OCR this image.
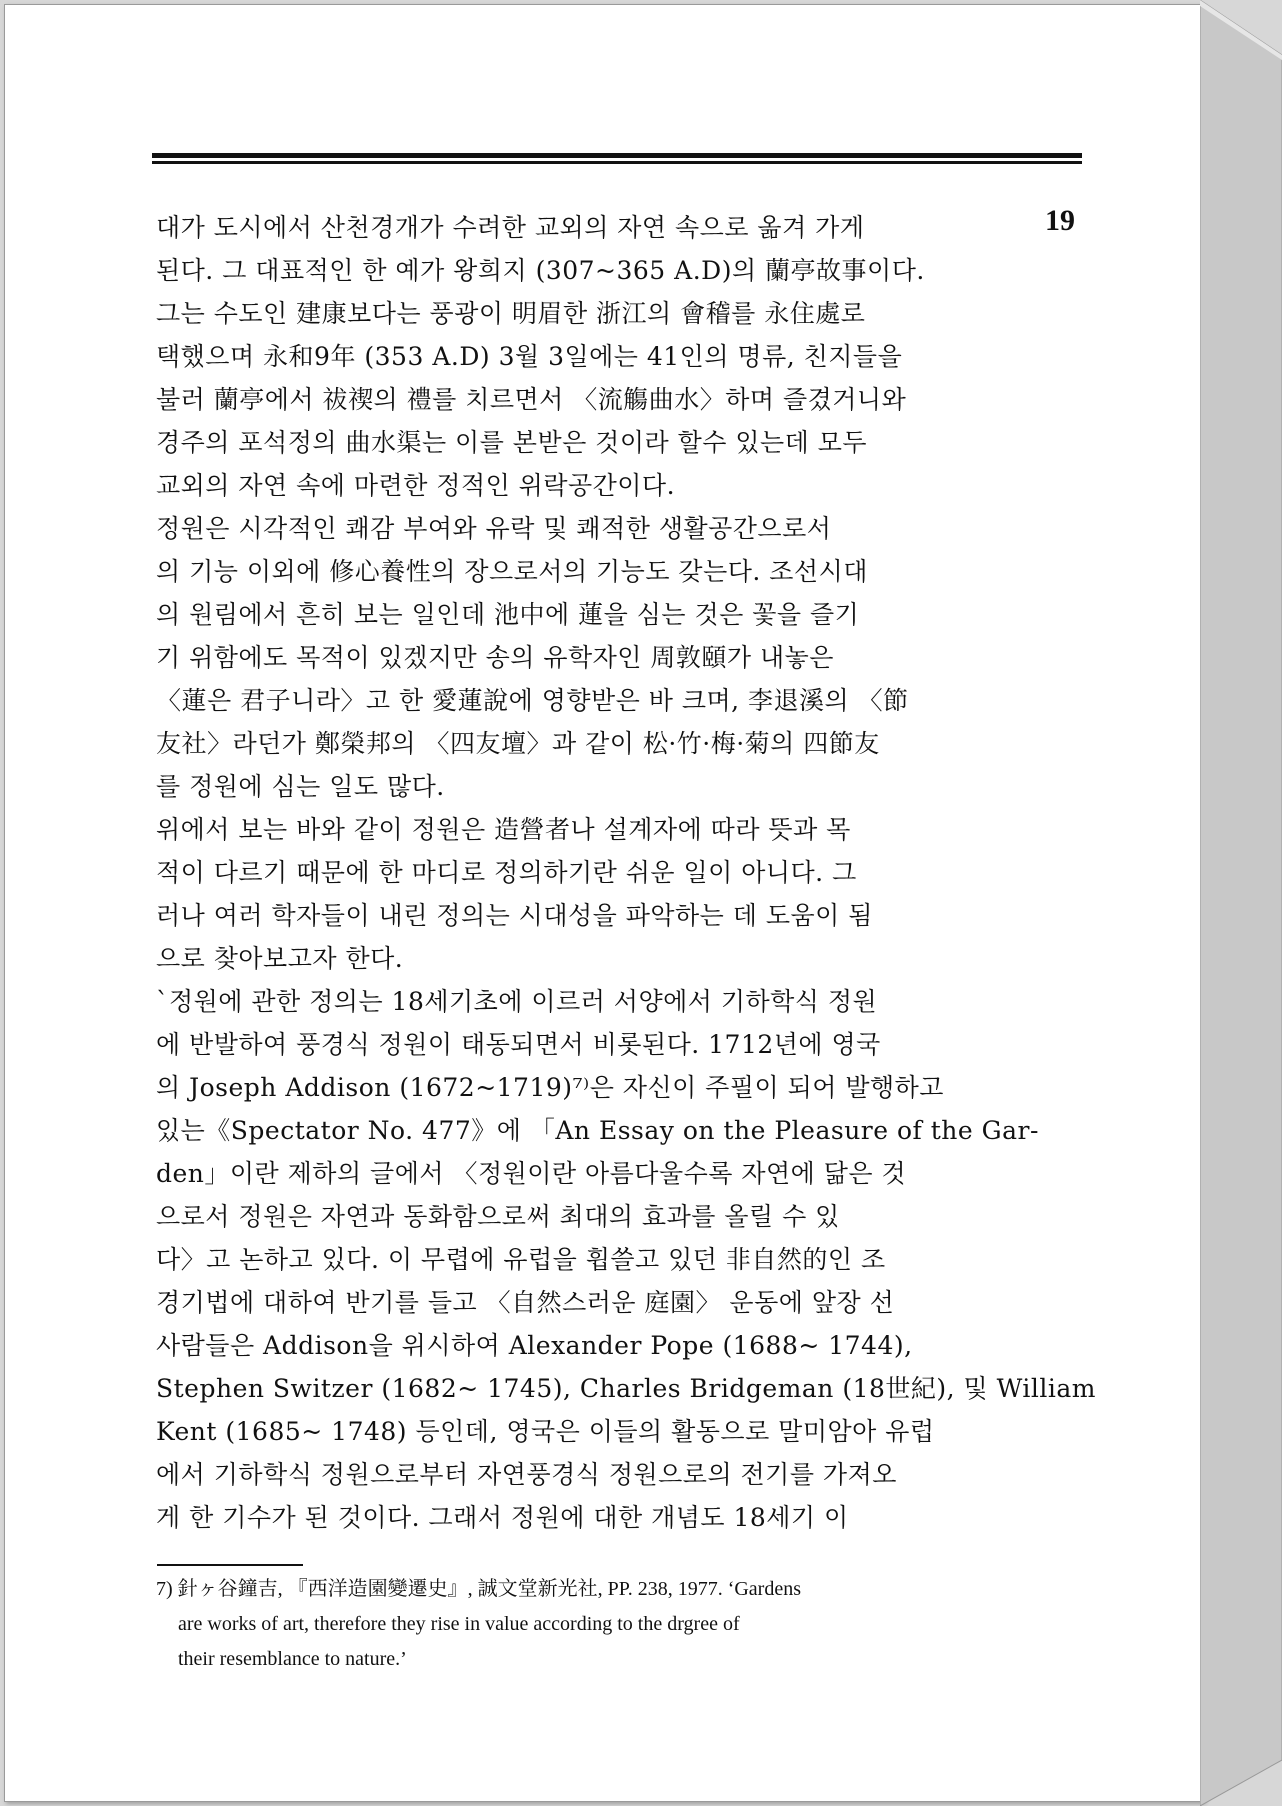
19
대가 도시에서 산천경개가 수려한 교외의 자연 속으로 옮겨 가게
된다. 그 대표적인 한 예가 왕희지 (307~365 A.D)의 蘭亭故事이다.
그는 수도인 建康보다는 풍광이 明眉한 浙江의 會稽를 永住處로
택했으며 永和9年 (353 A.D) 3월 3일에는 41인의 명류, 친지들을
불러 蘭亭에서 祓禊의 禮를 치르면서 〈流觴曲水〉하며 즐겼거니와
경주의 포석정의 曲水渠는 이를 본받은 것이라 할수 있는데 모두
교외의 자연 속에 마련한 정적인 위락공간이다.
정원은 시각적인 쾌감 부여와 유락 및 쾌적한 생활공간으로서
의 기능 이외에 修心養性의 장으로서의 기능도 갖는다. 조선시대
의 원림에서 흔히 보는 일인데 池中에 蓮을 심는 것은 꽃을 즐기
기 위함에도 목적이 있겠지만 송의 유학자인 周敦頤가 내놓은
〈蓮은 君子니라〉고 한 愛蓮說에 영향받은 바 크며, 李退溪의 〈節
友社〉라던가 鄭榮邦의 〈四友壇〉과 같이 松·竹·梅·菊의 四節友
를 정원에 심는 일도 많다.
위에서 보는 바와 같이 정원은 造營者나 설계자에 따라 뜻과 목
적이 다르기 때문에 한 마디로 정의하기란 쉬운 일이 아니다. 그
러나 여러 학자들이 내린 정의는 시대성을 파악하는 데 도움이 됨
으로 찾아보고자 한다.
`정원에 관한 정의는 18세기초에 이르러 서양에서 기하학식 정원
에 반발하여 풍경식 정원이 태동되면서 비롯된다. 1712년에 영국
의 Joseph Addison (1672~1719)⁷⁾은 자신이 주필이 되어 발행하고
있는《Spectator No. 477》에 「An Essay on the Pleasure of the Gar-
den」이란 제하의 글에서 〈정원이란 아름다울수록 자연에 닮은 것
으로서 정원은 자연과 동화함으로써 최대의 효과를 올릴 수 있
다〉고 논하고 있다. 이 무렵에 유럽을 휩쓸고 있던 非自然的인 조
경기법에 대하여 반기를 들고 〈自然스러운 庭園〉 운동에 앞장 선
사람들은 Addison을 위시하여 Alexander Pope (1688~ 1744),
Stephen Switzer (1682~ 1745), Charles Bridgeman (18世紀), 및 William
Kent (1685~ 1748) 등인데, 영국은 이들의 활동으로 말미암아 유럽
에서 기하학식 정원으로부터 자연풍경식 정원으로의 전기를 가져오
게 한 기수가 된 것이다. 그래서 정원에 대한 개념도 18세기 이
7) 針ヶ谷鐘吉, 『西洋造園變遷史』, 誠文堂新光社, PP. 238, 1977. ‘Gardens
are works of art, therefore they rise in value according to the drgree of
their resemblance to nature.’
